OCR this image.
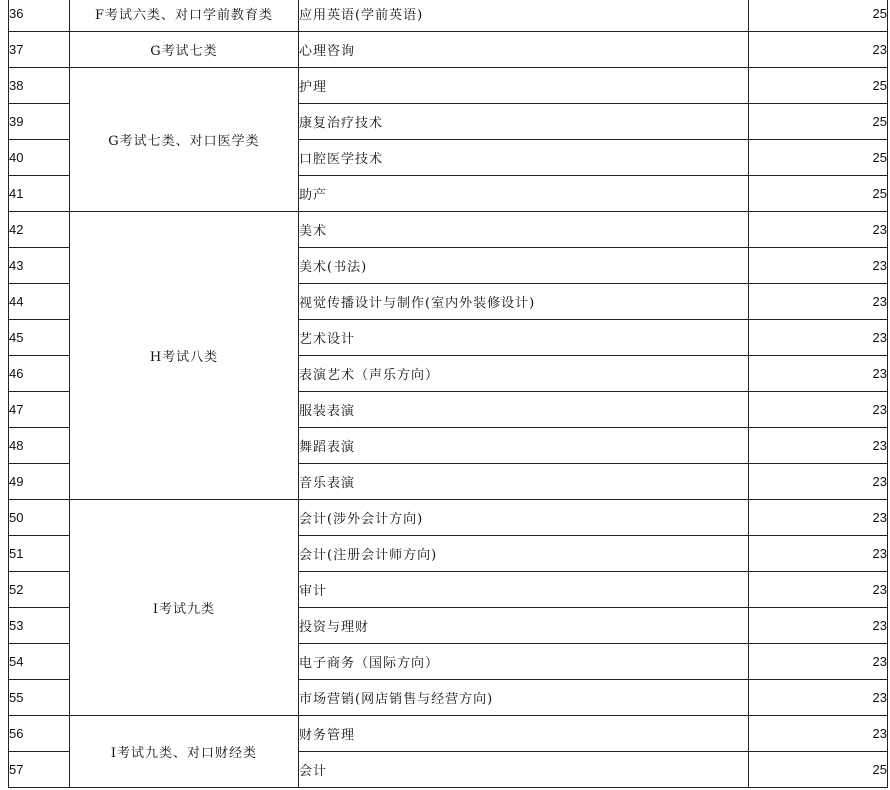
36	F考试六类、对口学前教育类	应用英语(学前英语)	25
37	G考试七类	心理咨询	23
38	G考试七类、对口医学类	护理	25
39		康复治疗技术	25
40		口腔医学技术	25
41		助产	25
42	H考试八类	美术	23
43		美术(书法)	23
44		视觉传播设计与制作(室内外装修设计)	23
45		艺术设计	23
46		表演艺术（声乐方向）	23
47		服装表演	23
48		舞蹈表演	23
49		音乐表演	23
50	I考试九类	会计(涉外会计方向)	23
51		会计(注册会计师方向)	23
52		审计	23
53		投资与理财	23
54		电子商务（国际方向）	23
55		市场营销(网店销售与经营方向)	23
56	I考试九类、对口财经类	财务管理	23
57		会计	25
